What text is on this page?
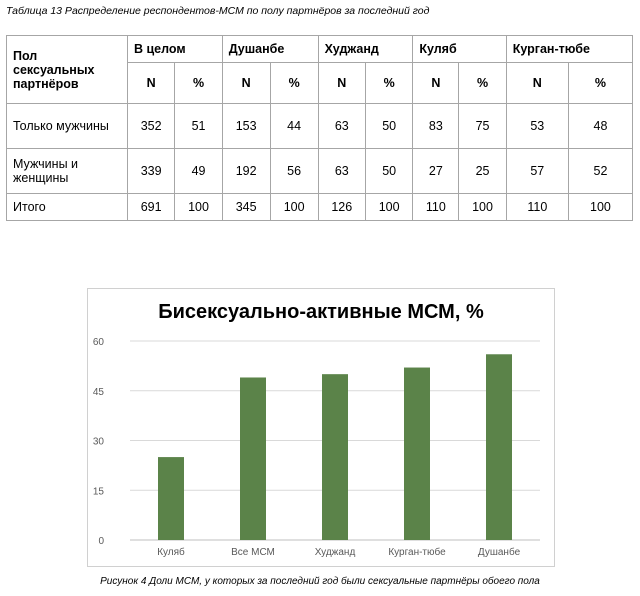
Таблица 13 Распределение респондентов-МСМ по полу партнёров за последний год
Пол сексуальных партнёров	В целом		Душанбе		Худжанд		Куляб		Курган-тюбе	
	N	%	N	%	N	%	N	%	N	%
Только мужчины	352	51	153	44	63	50	83	75	53	48
Мужчины и женщины	339	49	192	56	63	50	27	25	57	52
Итого	691	100	345	100	126	100	110	100	110	100
Бисексуально-активные МСМ, %
0
15
30
45
60
Куляб	Все МСМ	Худжанд	Курган-тюбе	Душанбе
Рисунок 4 Доли МСМ, у которых за последний год были сексуальные партнёры обоего пола
